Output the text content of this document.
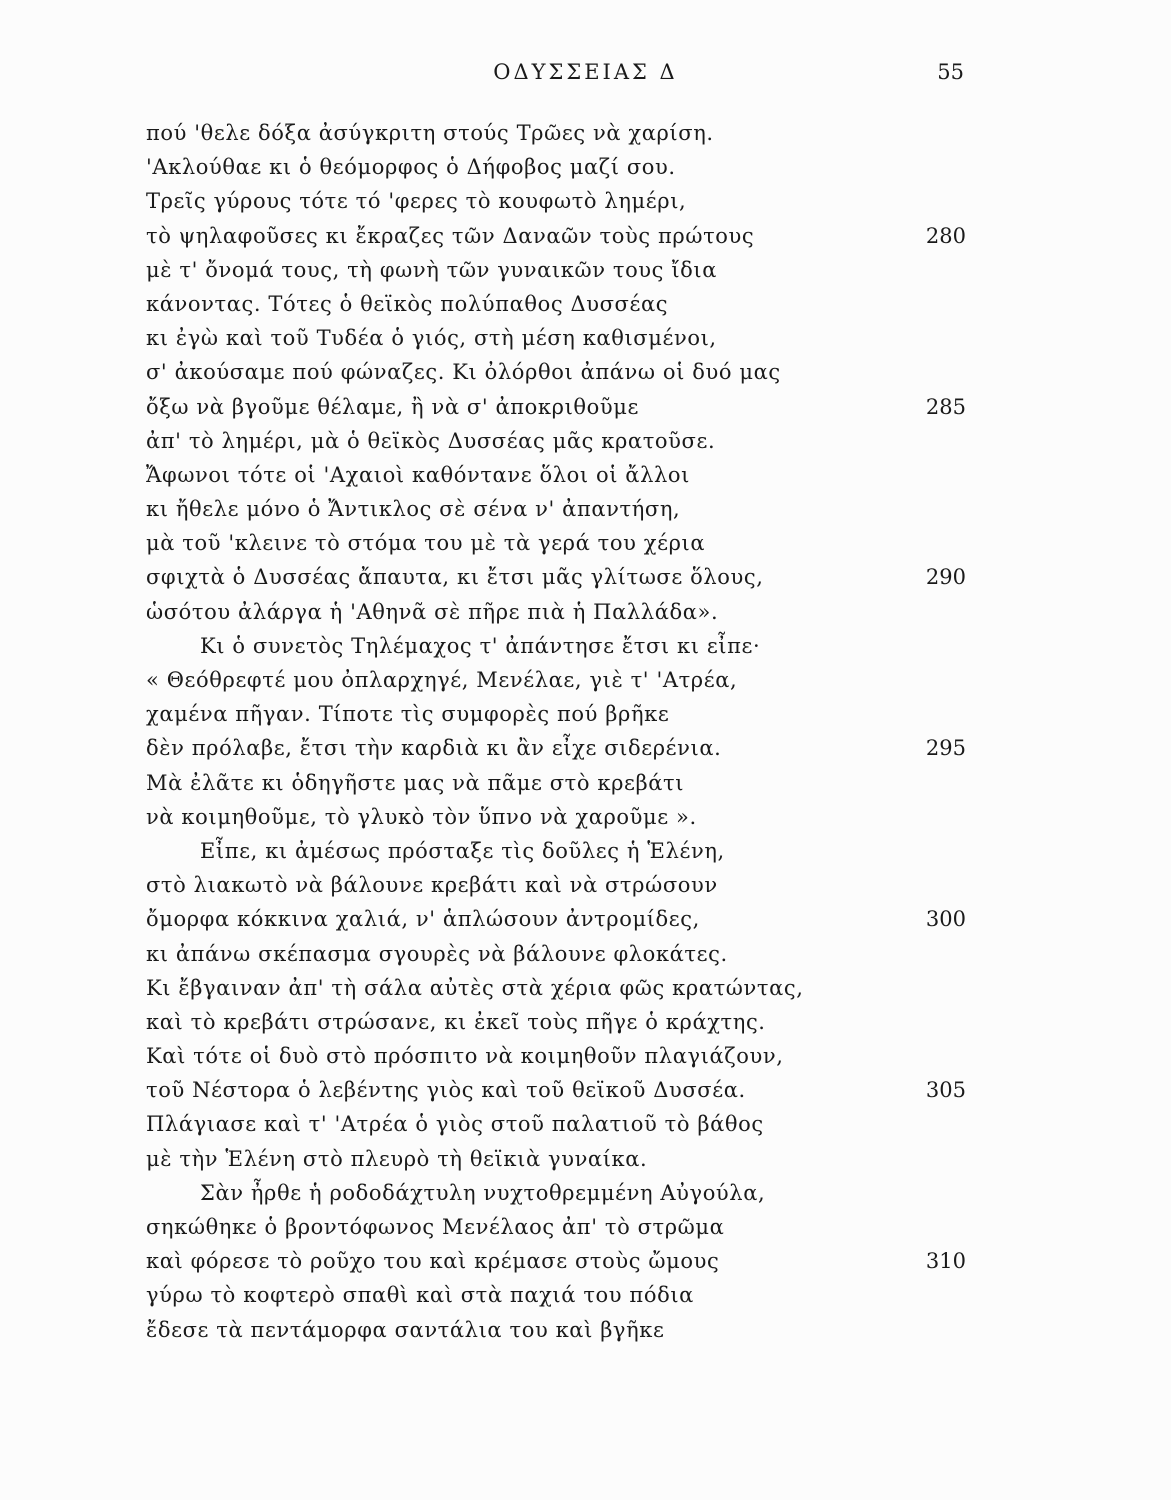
ΟΔΥΣΣΕΙΑΣ Δ	55
πού 'θελε δόξα ἀσύγκριτη στούς Τρῶες νὰ χαρίση.
'Ακλούθαε κι ὁ θεόμορφος ὁ Δήφοβος μαζί σου.
Τρεῖς γύρους τότε τό 'φερες τὸ κουφωτὸ λημέρι,
τὸ ψηλαφοῦσες κι ἔκραζες τῶν Δαναῶν τοὺς πρώτους	280
μὲ τ' ὄνομά τους, τὴ φωνὴ τῶν γυναικῶν τους ἴδια
κάνοντας. Τότες ὁ θεϊκὸς πολύπαθος Δυσσέας
κι ἐγὼ καὶ τοῦ Τυδέα ὁ γιός, στὴ μέση καθισμένοι,
σ' ἀκούσαμε πού φώναζες. Κι ὀλόρθοι ἀπάνω οἱ δυό μας
ὄξω νὰ βγοῦμε θέλαμε, ἢ νὰ σ' ἀποκριθοῦμε	285
ἀπ' τὸ λημέρι, μὰ ὁ θεϊκὸς Δυσσέας μᾶς κρατοῦσε.
Ἄφωνοι τότε οἱ 'Αχαιοὶ καθόντανε ὅλοι οἱ ἄλλοι
κι ἤθελε μόνο ὁ Ἄντικλος σὲ σένα ν' ἀπαντήση,
μὰ τοῦ 'κλεινε τὸ στόμα του μὲ τὰ γερά του χέρια
σφιχτὰ ὁ Δυσσέας ἄπαυτα, κι ἔτσι μᾶς γλίτωσε ὅλους,	290
ὡσότου ἀλάργα ἡ 'Αθηνᾶ σὲ πῆρε πιὰ ἡ Παλλάδα».
Κι ὁ συνετὸς Τηλέμαχος τ' ἀπάντησε ἔτσι κι εἶπε·
« Θεόθρεφτέ μου ὀπλαρχηγέ, Μενέλαε, γιὲ τ' 'Ατρέα,
χαμένα πῆγαν. Τίποτε τὶς συμφορὲς πού βρῆκε
δὲν πρόλαβε, ἔτσι τὴν καρδιὰ κι ἂν εἶχε σιδερένια.	295
Μὰ ἐλᾶτε κι ὁδηγῆστε μας νὰ πᾶμε στὸ κρεβάτι
νὰ κοιμηθοῦμε, τὸ γλυκὸ τὸν ὕπνο νὰ χαροῦμε ».
Εἶπε, κι ἀμέσως πρόσταξε τὶς δοῦλες ἡ Ἑλένη,
στὸ λιακωτὸ νὰ βάλουνε κρεβάτι καὶ νὰ στρώσουν
ὄμορφα κόκκινα χαλιά, ν' ἁπλώσουν ἀντρομίδες,	300
κι ἀπάνω σκέπασμα σγουρὲς νὰ βάλουνε φλοκάτες.
Κι ἔβγαιναν ἀπ' τὴ σάλα αὐτὲς στὰ χέρια φῶς κρατώντας,
καὶ τὸ κρεβάτι στρώσανε, κι ἐκεῖ τοὺς πῆγε ὁ κράχτης.
Καὶ τότε οἱ δυὸ στὸ πρόσπιτο νὰ κοιμηθοῦν πλαγιάζουν,
τοῦ Νέστορα ὁ λεβέντης γιὸς καὶ τοῦ θεϊκοῦ Δυσσέα.	305
Πλάγιασε καὶ τ' 'Ατρέα ὁ γιὸς στοῦ παλατιοῦ τὸ βάθος
μὲ τὴν Ἑλένη στὸ πλευρὸ τὴ θεϊκιὰ γυναίκα.
Σὰν ἦρθε ἡ ροδοδάχτυλη νυχτοθρεμμένη Αὐγούλα,
σηκώθηκε ὁ βροντόφωνος Μενέλαος ἀπ' τὸ στρῶμα
καὶ φόρεσε τὸ ροῦχο του καὶ κρέμασε στοὺς ὤμους	310
γύρω τὸ κοφτερὸ σπαθὶ καὶ στὰ παχιά του πόδια
ἔδεσε τὰ πεντάμορφα σαντάλια του καὶ βγῆκε
